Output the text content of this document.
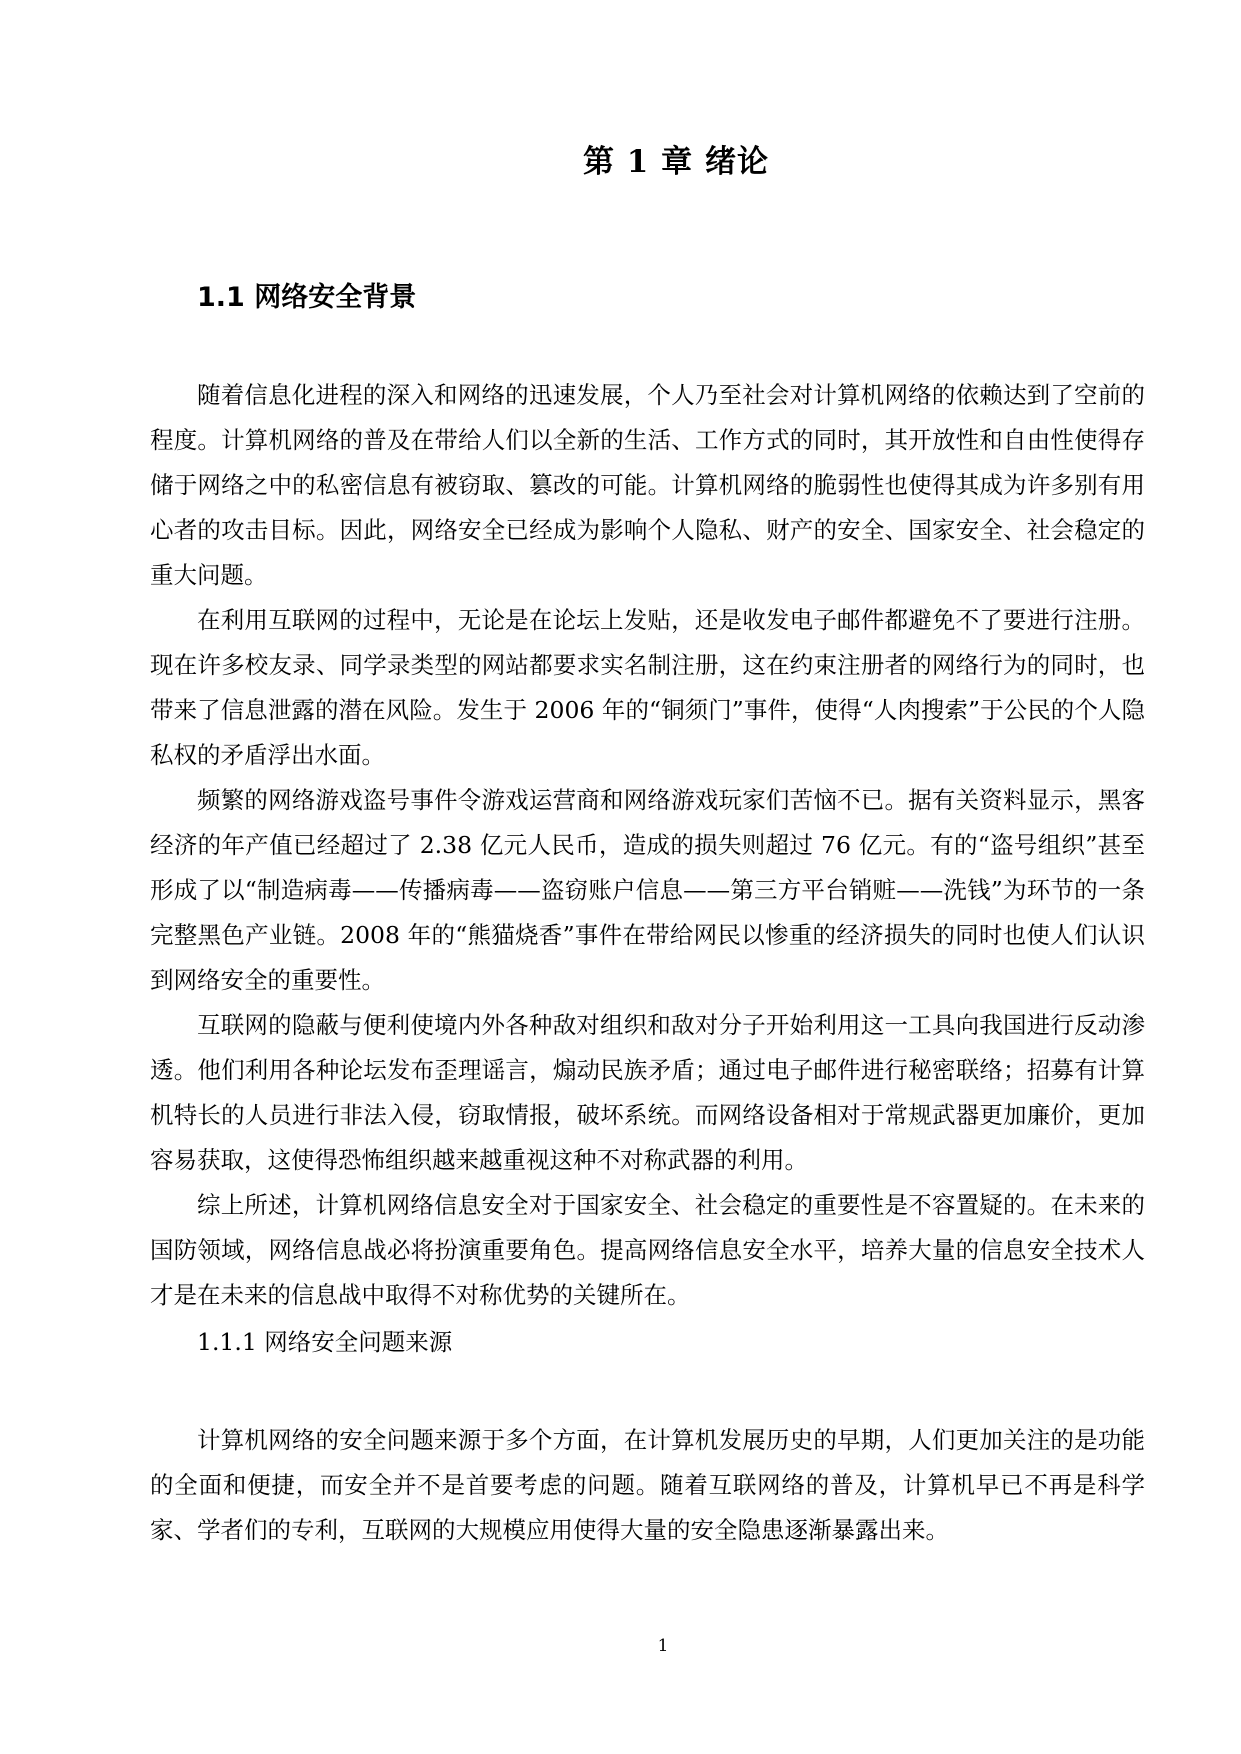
第 1 章 绪论
1.1 网络安全背景

随着信息化进程的深入和网络的迅速发展，个人乃至社会对计算机网络的依赖达到了空前的程度。计算机网络的普及在带给人们以全新的生活、工作方式的同时，其开放性和自由性使得存储于网络之中的私密信息有被窃取、篡改的可能。计算机网络的脆弱性也使得其成为许多别有用心者的攻击目标。因此，网络安全已经成为影响个人隐私、财产的安全、国家安全、社会稳定的重大问题。

在利用互联网的过程中，无论是在论坛上发贴，还是收发电子邮件都避免不了要进行注册。现在许多校友录、同学录类型的网站都要求实名制注册，这在约束注册者的网络行为的同时，也带来了信息泄露的潜在风险。发生于 2006 年的“铜须门”事件，使得“人肉搜索”于公民的个人隐私权的矛盾浮出水面。

频繁的网络游戏盗号事件令游戏运营商和网络游戏玩家们苦恼不已。据有关资料显示，黑客经济的年产值已经超过了 2.38 亿元人民币，造成的损失则超过 76 亿元。有的“盗号组织”甚至形成了以“制造病毒——传播病毒——盗窃账户信息——第三方平台销赃——洗钱”为环节的一条完整黑色产业链。2008 年的“熊猫烧香”事件在带给网民以惨重的经济损失的同时也使人们认识到网络安全的重要性。

互联网的隐蔽与便利使境内外各种敌对组织和敌对分子开始利用这一工具向我国进行反动渗透。他们利用各种论坛发布歪理谣言，煽动民族矛盾；通过电子邮件进行秘密联络；招募有计算机特长的人员进行非法入侵，窃取情报，破坏系统。而网络设备相对于常规武器更加廉价，更加容易获取，这使得恐怖组织越来越重视这种不对称武器的利用。

综上所述，计算机网络信息安全对于国家安全、社会稳定的重要性是不容置疑的。在未来的国防领域，网络信息战必将扮演重要角色。提高网络信息安全水平，培养大量的信息安全技术人才是在未来的信息战中取得不对称优势的关键所在。

1.1.1 网络安全问题来源

计算机网络的安全问题来源于多个方面，在计算机发展历史的早期，人们更加关注的是功能的全面和便捷，而安全并不是首要考虑的问题。随着互联网络的普及，计算机早已不再是科学家、学者们的专利，互联网的大规模应用使得大量的安全隐患逐渐暴露出来。

1
